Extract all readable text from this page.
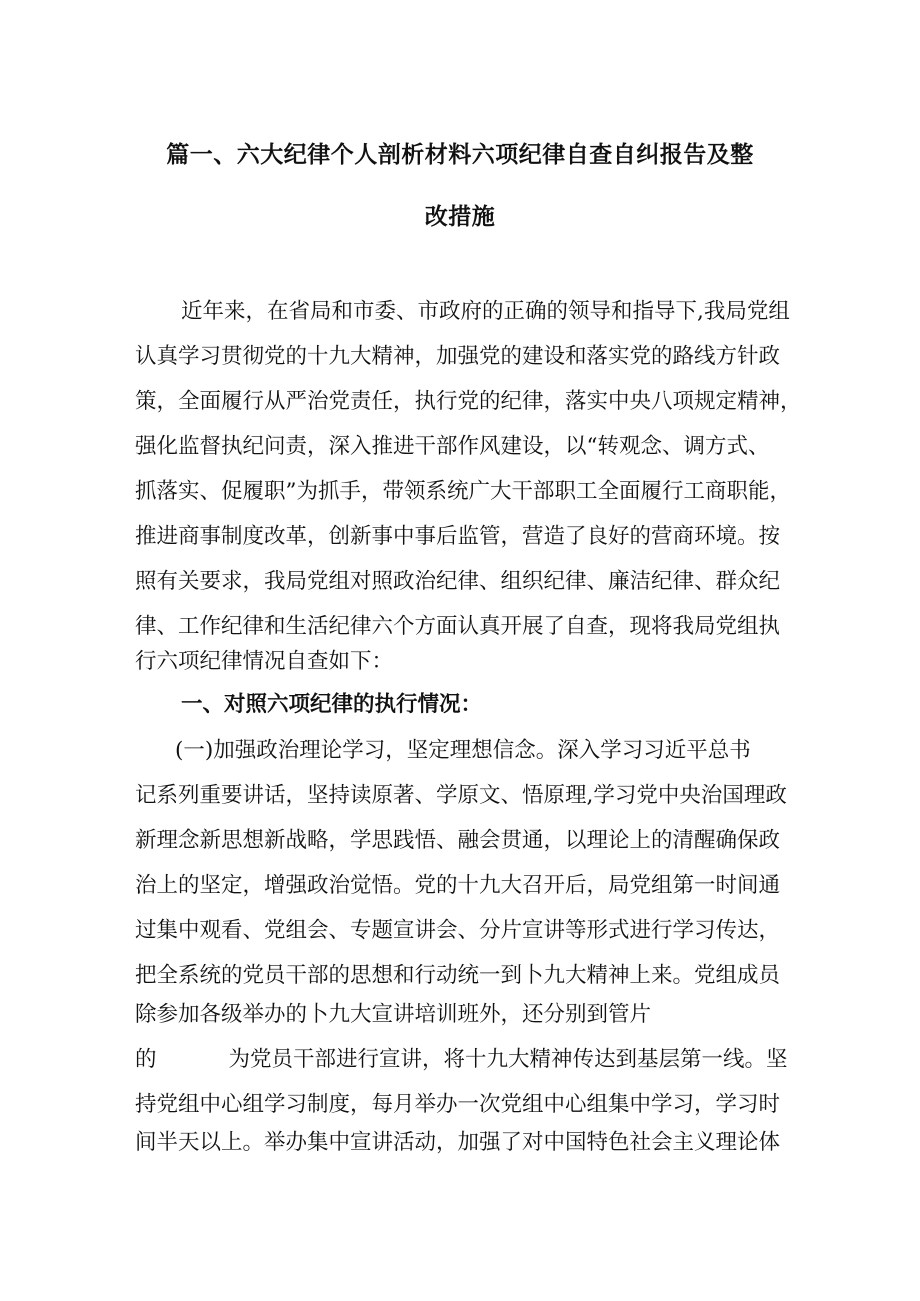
篇一、六大纪律个人剖析材料六项纪律自查自纠报告及整
改措施
近年来，在省局和市委、市政府的正确的领导和指导下,我局党组
认真学习贯彻党的十九大精神，加强党的建设和落实党的路线方针政
策，全面履行从严治党责任，执行党的纪律，落实中央八项规定精神，
强化监督执纪问责，深入推进干部作风建设，以“转观念、调方式、
抓落实、促履职”为抓手，带领系统广大干部职工全面履行工商职能，
推进商事制度改革，创新事中事后监管，营造了良好的营商环境。按
照有关要求，我局党组对照政治纪律、组织纪律、廉洁纪律、群众纪
律、工作纪律和生活纪律六个方面认真开展了自查，现将我局党组执
行六项纪律情况自查如下：
一、对照六项纪律的执行情况：
(一)加强政治理论学习，坚定理想信念。深入学习习近平总书
记系列重要讲话，坚持读原著、学原文、悟原理,学习党中央治国理政
新理念新思想新战略，学思践悟、融会贯通，以理论上的清醒确保政
治上的坚定，增强政治觉悟。党的十九大召开后，局党组第一时间通
过集中观看、党组会、专题宣讲会、分片宣讲等形式进行学习传达，
把全系统的党员干部的思想和行动统一到卜九大精神上来。党组成员
除参加各级举办的卜九大宣讲培训班外，还分别到管片
的	为党员干部进行宣讲，将十九大精神传达到基层第一线。坚
持党组中心组学习制度，每月举办一次党组中心组集中学习，学习时
间半天以上。举办集中宣讲活动，加强了对中国特色社会主义理论体
